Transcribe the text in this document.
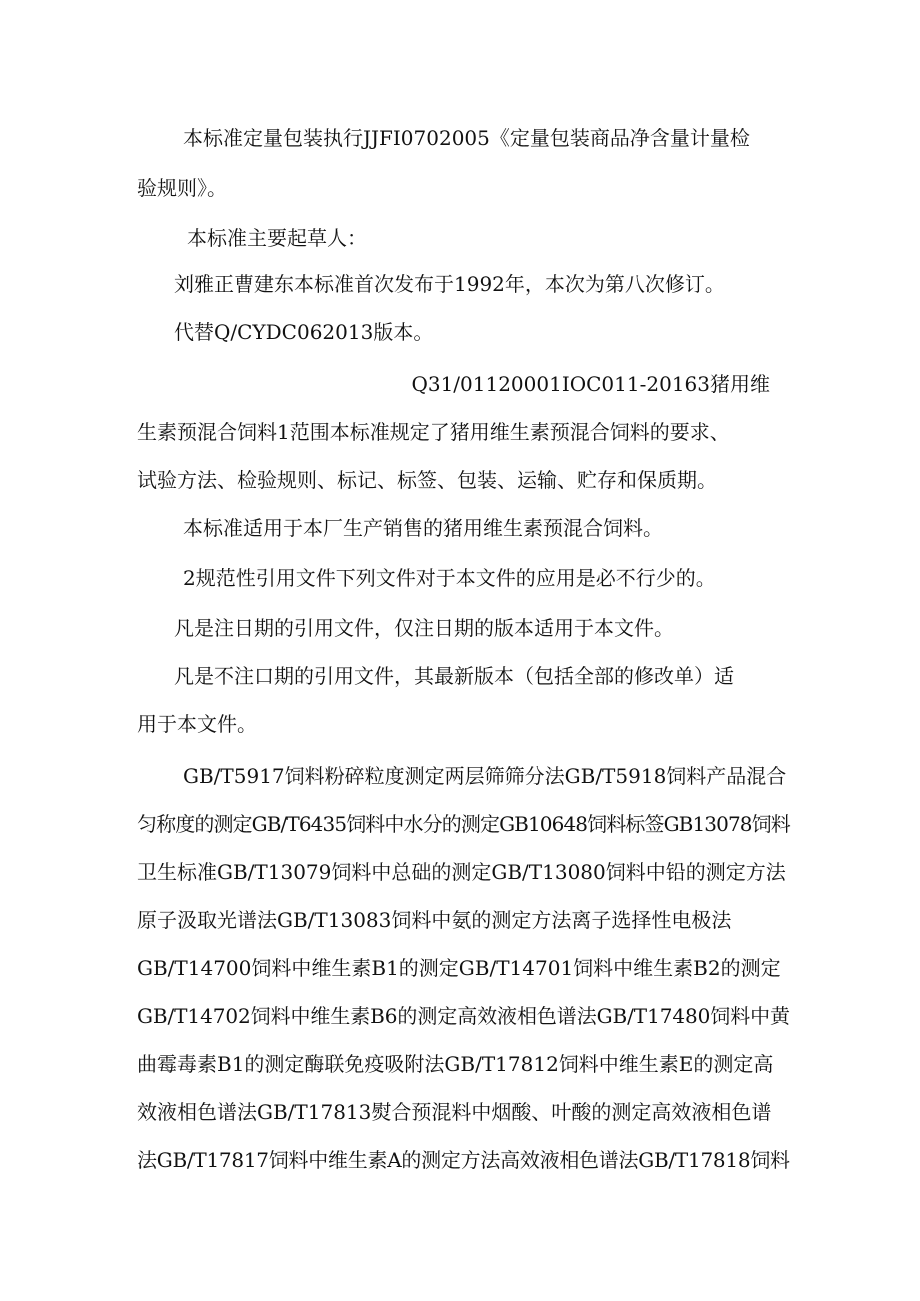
本标准定量包装执行JJFI0702005《定量包装商品净含量计量检

验规则》。

本标准主要起草人：

刘雅正曹建东本标准首次发布于1992年，本次为第八次修订。

代替Q/CYDC062013版本。

Q31/01120001IOC011-20163猪用维

生素预混合饲料1范围本标准规定了猪用维生素预混合饲料的要求、

试验方法、检验规则、标记、标签、包装、运输、贮存和保质期。

本标准适用于本厂生产销售的猪用维生素预混合饲料。

2规范性引用文件下列文件对于本文件的应用是必不行少的。

凡是注日期的引用文件，仅注日期的版本适用于本文件。

凡是不注口期的引用文件，其最新版本（包括全部的修改单）适

用于本文件。

GB/T5917饲料粉碎粒度测定两层筛筛分法GB/T5918饲料产品混合

匀称度的测定GB/T6435饲料中水分的测定GB10648饲料标签GB13078饲料

卫生标准GB/T13079饲料中总础的测定GB/T13080饲料中铅的测定方法

原子汲取光谱法GB/T13083饲料中氨的测定方法离子选择性电极法

GB/T14700饲料中维生素B1的测定GB/T14701饲料中维生素B2的测定

GB/T14702饲料中维生素B6的测定高效液相色谱法GB/T17480饲料中黄

曲霉毒素B1的测定酶联免疫吸附法GB/T17812饲料中维生素E的测定高

效液相色谱法GB/T17813熨合预混料中烟酸、叶酸的测定高效液相色谱

法GB/T17817饲料中维生素A的测定方法高效液相色谱法GB/T17818饲料
